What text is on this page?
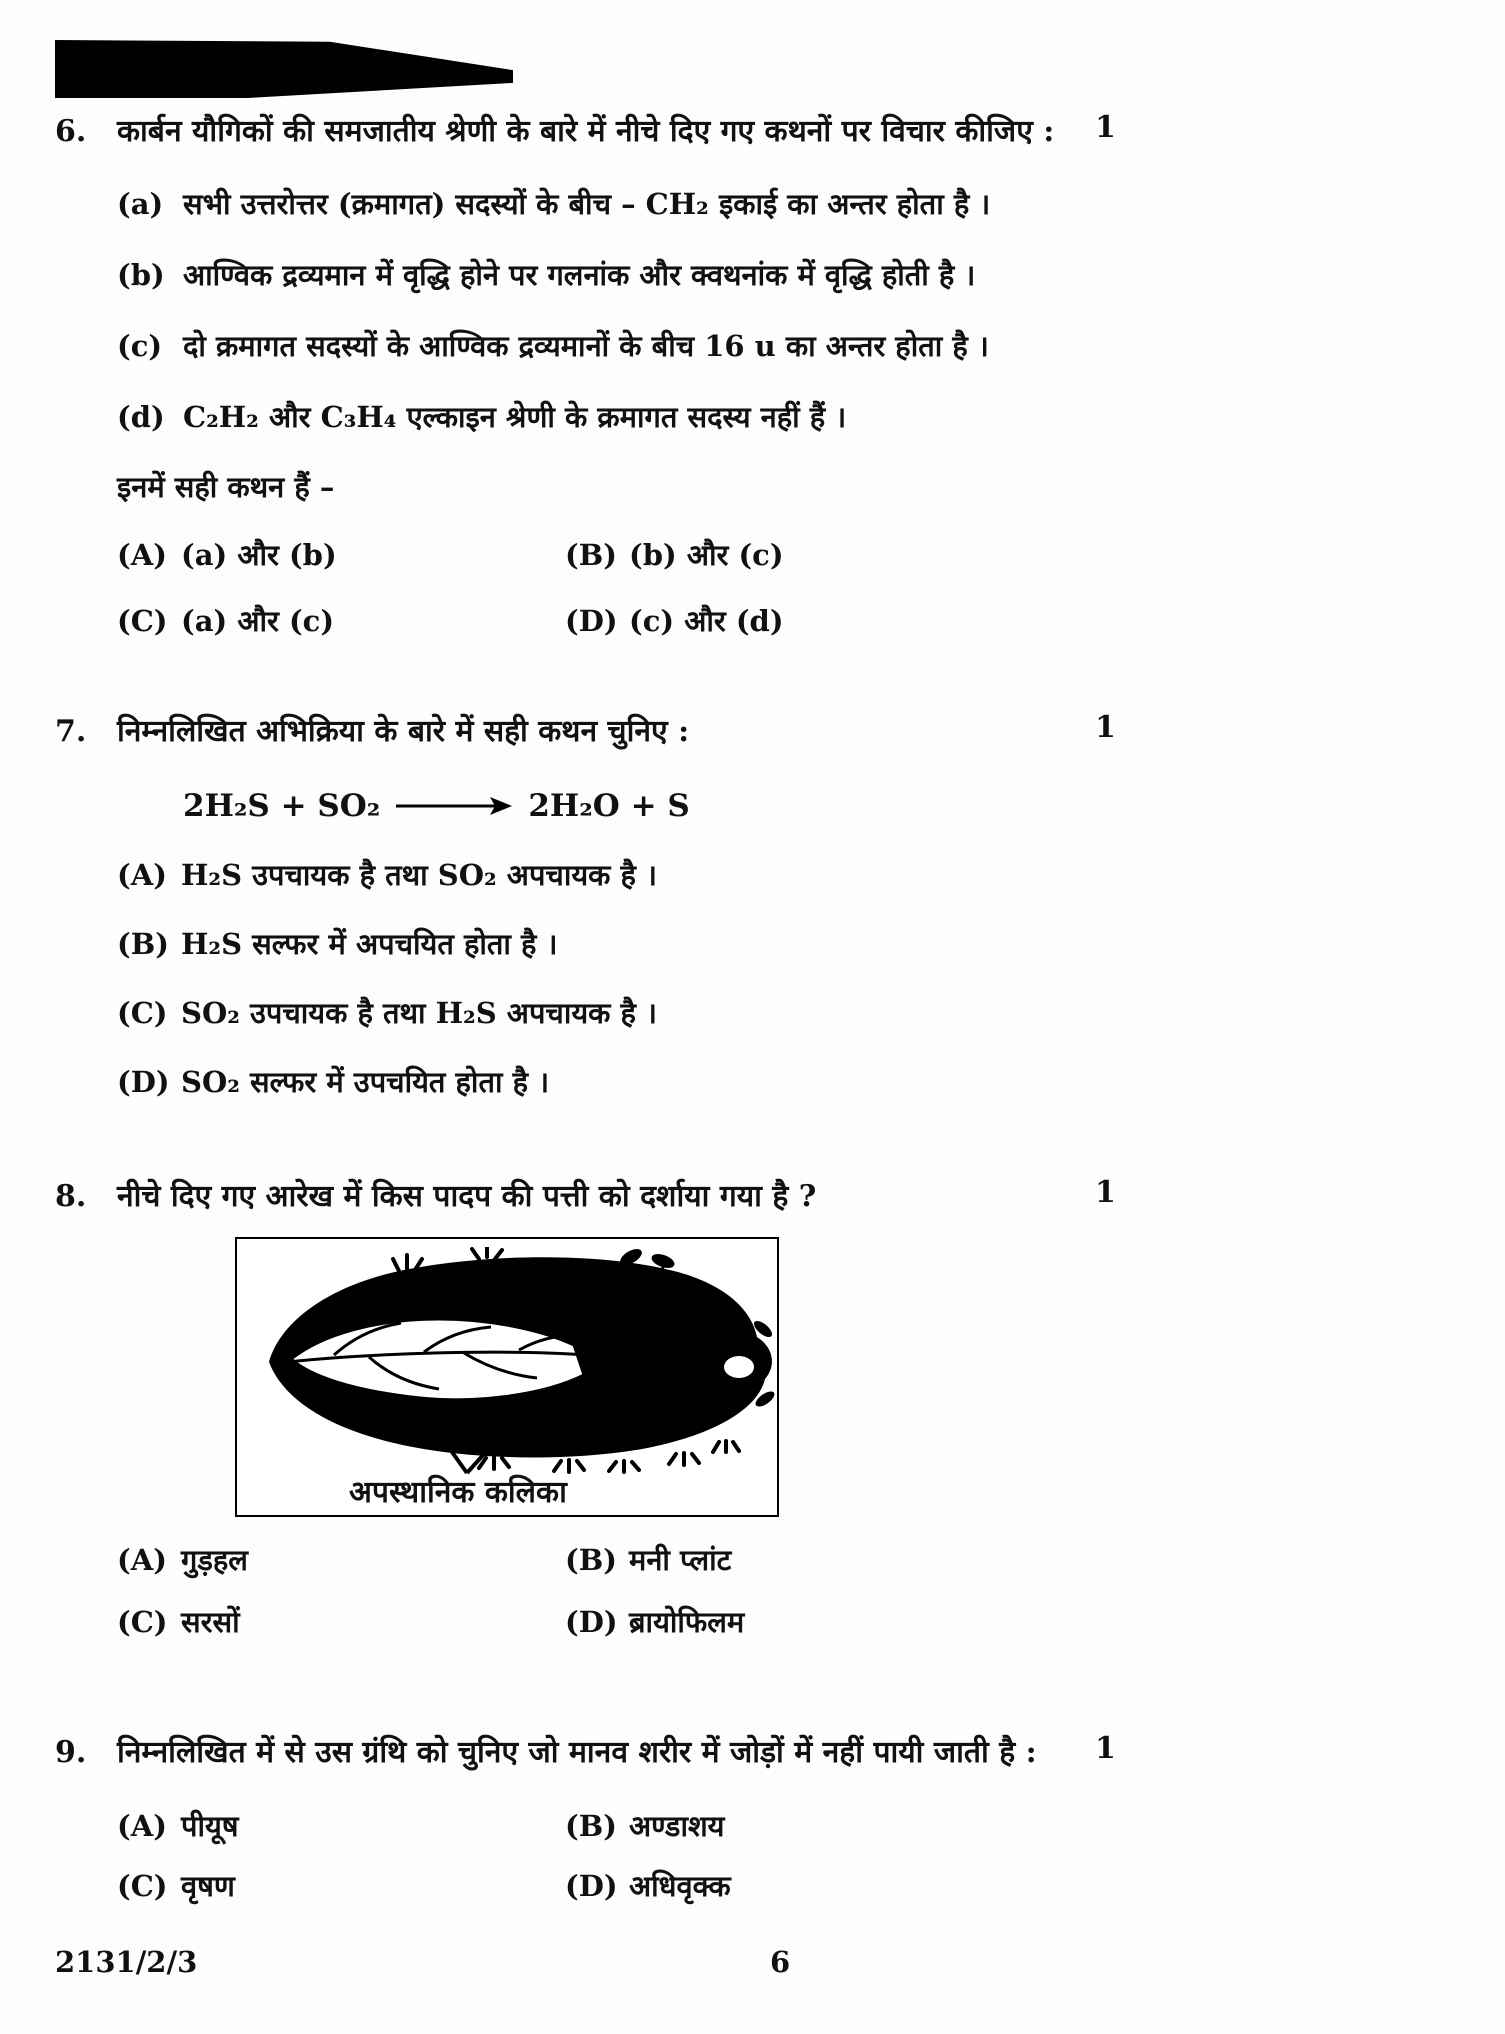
6.	कार्बन यौगिकों की समजातीय श्रेणी के बारे में नीचे दिए गए कथनों पर विचार कीजिए : 1
(a) सभी उत्तरोत्तर (क्रमागत) सदस्यों के बीच – CH₂ इकाई का अन्तर होता है ।
(b) आण्विक द्रव्यमान में वृद्धि होने पर गलनांक और क्वथनांक में वृद्धि होती है ।
(c) दो क्रमागत सदस्यों के आण्विक द्रव्यमानों के बीच 16 u का अन्तर होता है ।
(d) C₂H₂ और C₃H₄ एल्काइन श्रेणी के क्रमागत सदस्य नहीं हैं ।
इनमें सही कथन हैं –
(A) (a) और (b)	(B) (b) और (c)
(C) (a) और (c)	(D) (c) और (d)
7.	निम्नलिखित अभिक्रिया के बारे में सही कथन चुनिए :	1
2H₂S + SO₂ → 2H₂O + S
(A) H₂S उपचायक है तथा SO₂ अपचायक है ।
(B) H₂S सल्फर में अपचयित होता है ।
(C) SO₂ उपचायक है तथा H₂S अपचायक है ।
(D) SO₂ सल्फर में उपचयित होता है ।
8.	नीचे दिए गए आरेख में किस पादप की पत्ती को दर्शाया गया है ?	1
अपस्थानिक कलिका
(A) गुड़हल	(B) मनी प्लांट
(C) सरसों	(D) ब्रायोफिलम
9.	निम्नलिखित में से उस ग्रंथि को चुनिए जो मानव शरीर में जोड़ों में नहीं पायी जाती है : 1
(A) पीयूष	(B) अण्डाशय
(C) वृषण	(D) अधिवृक्क
2131/2/3	6
